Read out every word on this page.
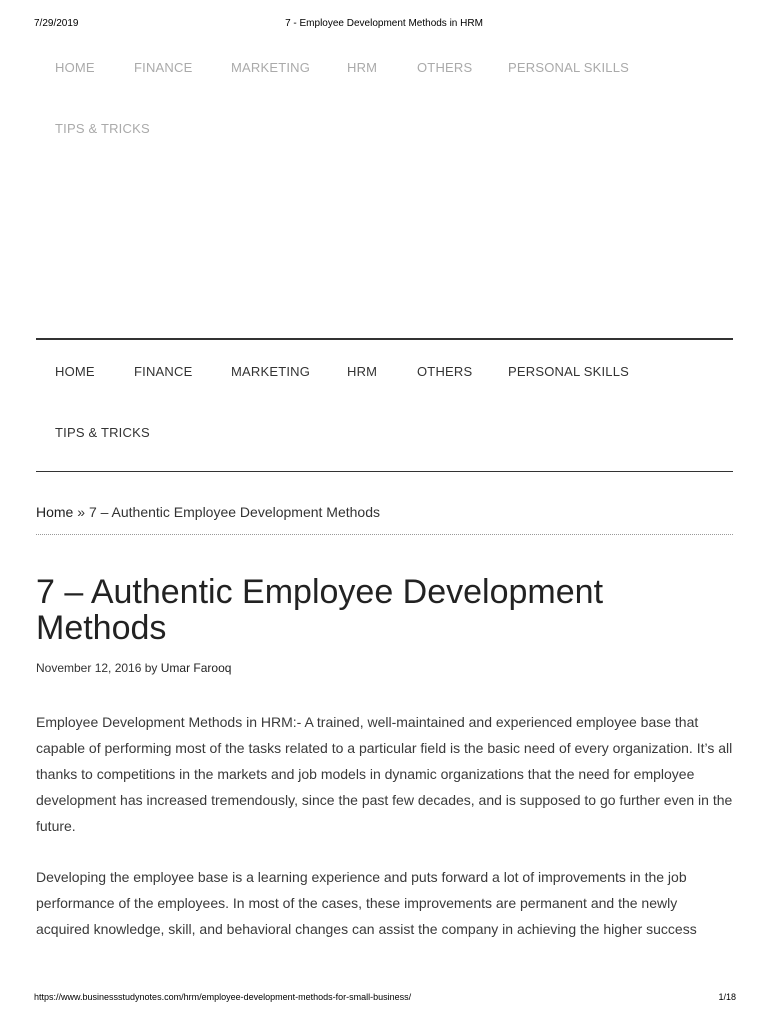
7/29/2019	7 - Employee Development Methods in HRM
HOME	FINANCE	MARKETING	HRM	OTHERS	PERSONAL SKILLS
TIPS & TRICKS
HOME	FINANCE	MARKETING	HRM	OTHERS	PERSONAL SKILLS
TIPS & TRICKS
Home » 7 – Authentic Employee Development Methods
7 – Authentic Employee Development Methods
November 12, 2016 by Umar Farooq

Employee Development Methods in HRM:- A trained, well-maintained and experienced employee base that capable of performing most of the tasks related to a particular field is the basic need of every organization. It’s all thanks to competitions in the markets and job models in dynamic organizations that the need for employee development has increased tremendously, since the past few decades, and is supposed to go further even in the future.

Developing the employee base is a learning experience and puts forward a lot of improvements in the job performance of the employees. In most of the cases, these improvements are permanent and the newly acquired knowledge, skill, and behavioral changes can assist the company in achieving the higher success

https://www.businessstudynotes.com/hrm/employee-development-methods-for-small-business/	1/18
